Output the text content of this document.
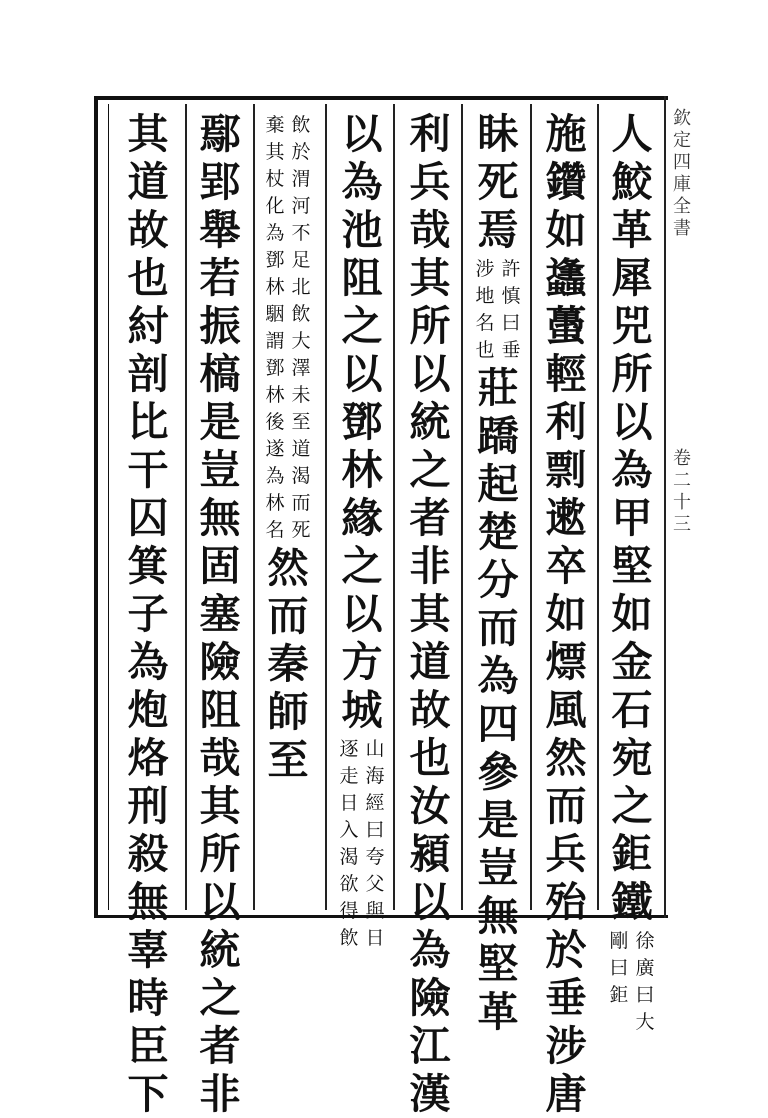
欽
定
四
庫
全
書
卷
二
十
三
人
鮫
革
犀
兕
所
以
為
甲
堅
如
金
石
宛
之
鉅
鐵
徐
廣
曰
大
剛
曰
鉅
施
鑽
如
蠭
蠆
輕
利
剽
遬
卒
如
熛
風
然
而
兵
殆
於
垂
涉
唐
眛
死
焉
許
慎
曰
垂
涉
地
名
也
莊
蹻
起
楚
分
而
為
四
參
是
豈
無
堅
革
利
兵
哉
其
所
以
統
之
者
非
其
道
故
也
汝
潁
以
為
險
江
漢
以
為
池
阻
之
以
鄧
林
緣
之
以
方
城
山
海
經
曰
夸
父
與
日
逐
走
日
入
渴
欲
得
飲
飲
於
渭
河
不
足
北
飲
大
澤
未
至
道
渴
而
死
棄
其
杖
化
為
鄧
林
駰
謂
鄧
林
後
遂
為
林
名
然
而
秦
師
至
鄢
郢
舉
若
振
槁
是
豈
無
固
塞
險
阻
哉
其
所
以
統
之
者
非
其
道
故
也
紂
剖
比
干
囚
箕
子
為
炮
烙
刑
殺
無
辜
時
臣
下
